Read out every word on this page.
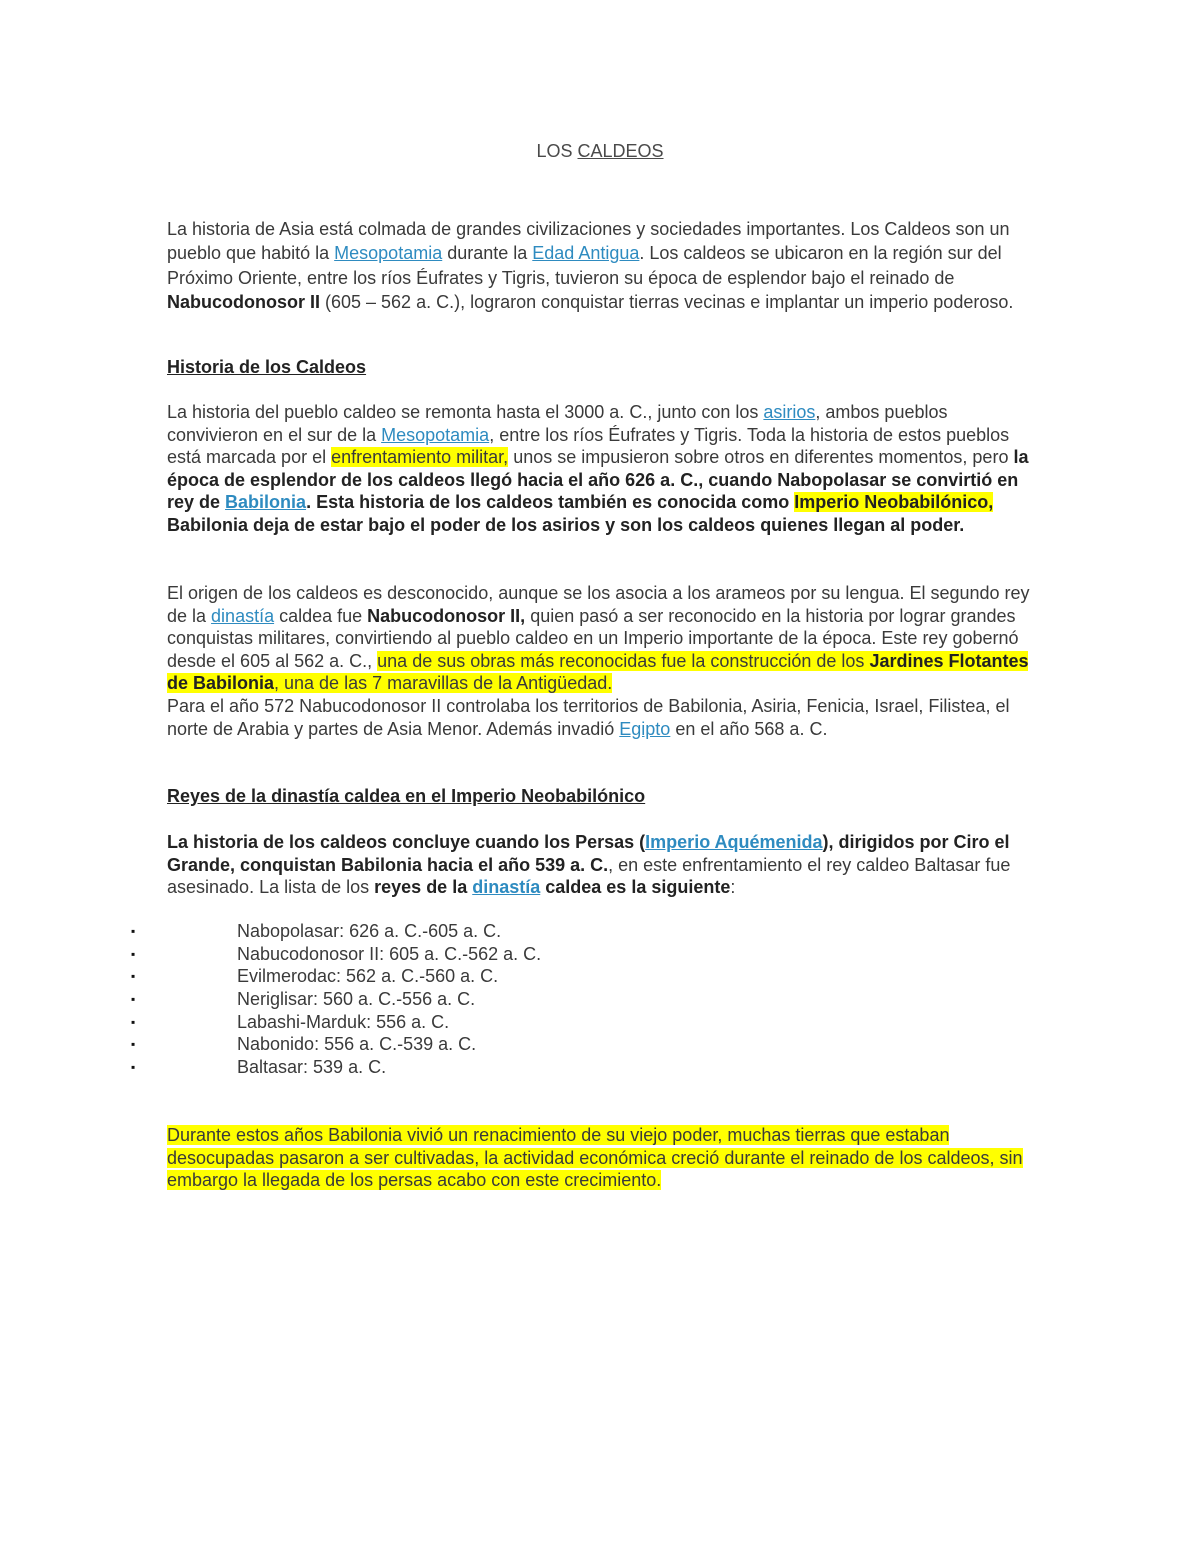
LOS CALDEOS
La historia de Asia está colmada de grandes civilizaciones y sociedades importantes. Los Caldeos son un pueblo que habitó la Mesopotamia durante la Edad Antigua. Los caldeos se ubicaron en la región sur del Próximo Oriente, entre los ríos Éufrates y Tigris, tuvieron su época de esplendor bajo el reinado de Nabucodonosor II (605 – 562 a. C.), lograron conquistar tierras vecinas e implantar un imperio poderoso.
Historia de los Caldeos
La historia del pueblo caldeo se remonta hasta el 3000 a. C., junto con los asirios, ambos pueblos convivieron en el sur de la Mesopotamia, entre los ríos Éufrates y Tigris. Toda la historia de estos pueblos está marcada por el enfrentamiento militar, unos se impusieron sobre otros en diferentes momentos, pero la época de esplendor de los caldeos llegó hacia el año 626 a. C., cuando Nabopolasar se convirtió en rey de Babilonia. Esta historia de los caldeos también es conocida como Imperio Neobabilónico, Babilonia deja de estar bajo el poder de los asirios y son los caldeos quienes llegan al poder.
El origen de los caldeos es desconocido, aunque se los asocia a los arameos por su lengua. El segundo rey de la dinastía caldea fue Nabucodonosor II, quien pasó a ser reconocido en la historia por lograr grandes conquistas militares, convirtiendo al pueblo caldeo en un Imperio importante de la época. Este rey gobernó desde el 605 al 562 a. C., una de sus obras más reconocidas fue la construcción de los Jardines Flotantes de Babilonia, una de las 7 maravillas de la Antigüedad.
Para el año 572 Nabucodonosor II controlaba los territorios de Babilonia, Asiria, Fenicia, Israel, Filistea, el norte de Arabia y partes de Asia Menor. Además invadió Egipto en el año 568 a. C.
Reyes de la dinastía caldea en el Imperio Neobabilónico
La historia de los caldeos concluye cuando los Persas (Imperio Aquémenida), dirigidos por Ciro el Grande, conquistan Babilonia hacia el año 539 a. C., en este enfrentamiento el rey caldeo Baltasar fue asesinado. La lista de los reyes de la dinastía caldea es la siguiente:
▪	Nabopolasar: 626 a. C.-605 a. C.
▪	Nabucodonosor II: 605 a. C.-562 a. C.
▪	Evilmerodac: 562 a. C.-560 a. C.
▪	Neriglisar: 560 a. C.-556 a. C.
▪	Labashi-Marduk: 556 a. C.
▪	Nabonido: 556 a. C.-539 a. C.
▪	Baltasar: 539 a. C.
Durante estos años Babilonia vivió un renacimiento de su viejo poder, muchas tierras que estaban desocupadas pasaron a ser cultivadas, la actividad económica creció durante el reinado de los caldeos, sin embargo la llegada de los persas acabo con este crecimiento.
